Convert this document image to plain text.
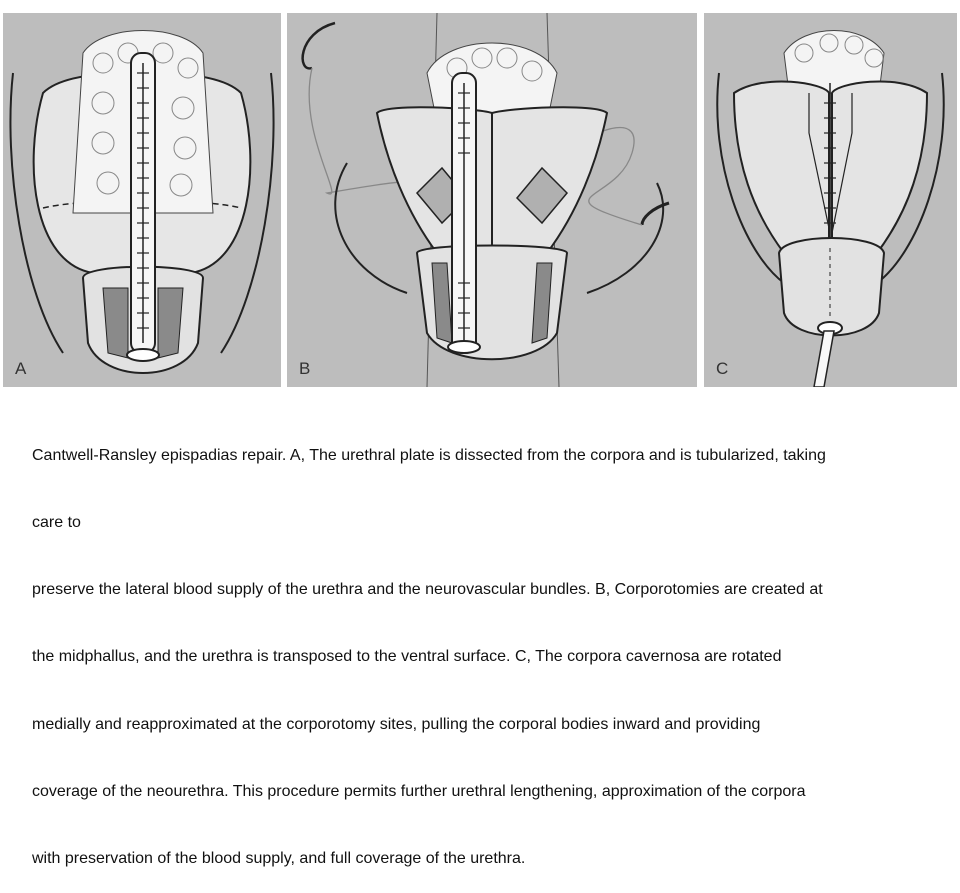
A	B	C

Cantwell-Ransley epispadias repair. A, The urethral plate is dissected from the corpora and is tubularized, taking

care to

preserve the lateral blood supply of the urethra and the neurovascular bundles. B, Corporotomies are created at

the midphallus, and the urethra is transposed to the ventral surface. C, The corpora cavernosa are rotated

medially and reapproximated at the corporotomy sites, pulling the corporal bodies inward and providing

coverage of the neourethra. This procedure permits further urethral lengthening, approximation of the corpora

with preservation of the blood supply, and full coverage of the urethra.
